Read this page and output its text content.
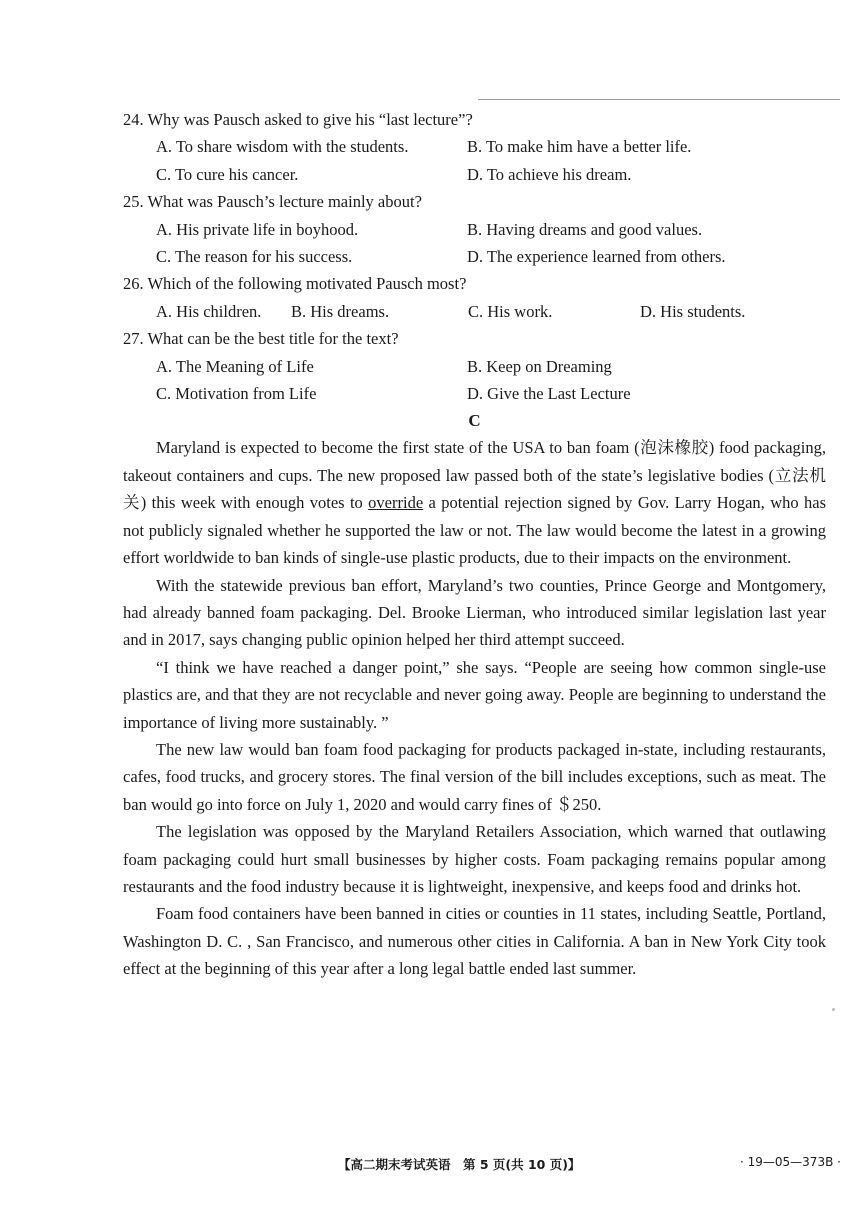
24. Why was Pausch asked to give his “last lecture”?
A. To share wisdom with the students.	B. To make him have a better life.
C. To cure his cancer.	D. To achieve his dream.
25. What was Pausch’s lecture mainly about?
A. His private life in boyhood.	B. Having dreams and good values.
C. The reason for his success.	D. The experience learned from others.
26. Which of the following motivated Pausch most?
A. His children.	B. His dreams.	C. His work.	D. His students.
27. What can be the best title for the text?
A. The Meaning of Life	B. Keep on Dreaming
C. Motivation from Life	D. Give the Last Lecture
C

Maryland is expected to become the first state of the USA to ban foam (泡沫橡胶) food packaging, takeout containers and cups. The new proposed law passed both of the state’s legislative bodies (立法机关) this week with enough votes to override a potential rejection signed by Gov. Larry Hogan, who has not publicly signaled whether he supported the law or not. The law would become the latest in a growing effort worldwide to ban kinds of single-use plastic products, due to their impacts on the environment.

With the statewide previous ban effort, Maryland’s two counties, Prince George and Montgomery, had already banned foam packaging. Del. Brooke Lierman, who introduced similar legislation last year and in 2017, says changing public opinion helped her third attempt succeed.

“I think we have reached a danger point,” she says. “People are seeing how common single-use plastics are, and that they are not recyclable and never going away. People are beginning to understand the importance of living more sustainably. ”

The new law would ban foam food packaging for products packaged in-state, including restaurants, cafes, food trucks, and grocery stores. The final version of the bill includes exceptions, such as meat. The ban would go into force on July 1, 2020 and would carry fines of ＄250.

The legislation was opposed by the Maryland Retailers Association, which warned that outlawing foam packaging could hurt small businesses by higher costs. Foam packaging remains popular among restaurants and the food industry because it is lightweight, inexpensive, and keeps food and drinks hot.

Foam food containers have been banned in cities or counties in 11 states, including Seattle, Portland, Washington D. C. , San Francisco, and numerous other cities in California. A ban in New York City took effect at the beginning of this year after a long legal battle ended last summer.

【高二期末考试英语　第 5 页(共 10 页)】	· 19—05—373B ·
